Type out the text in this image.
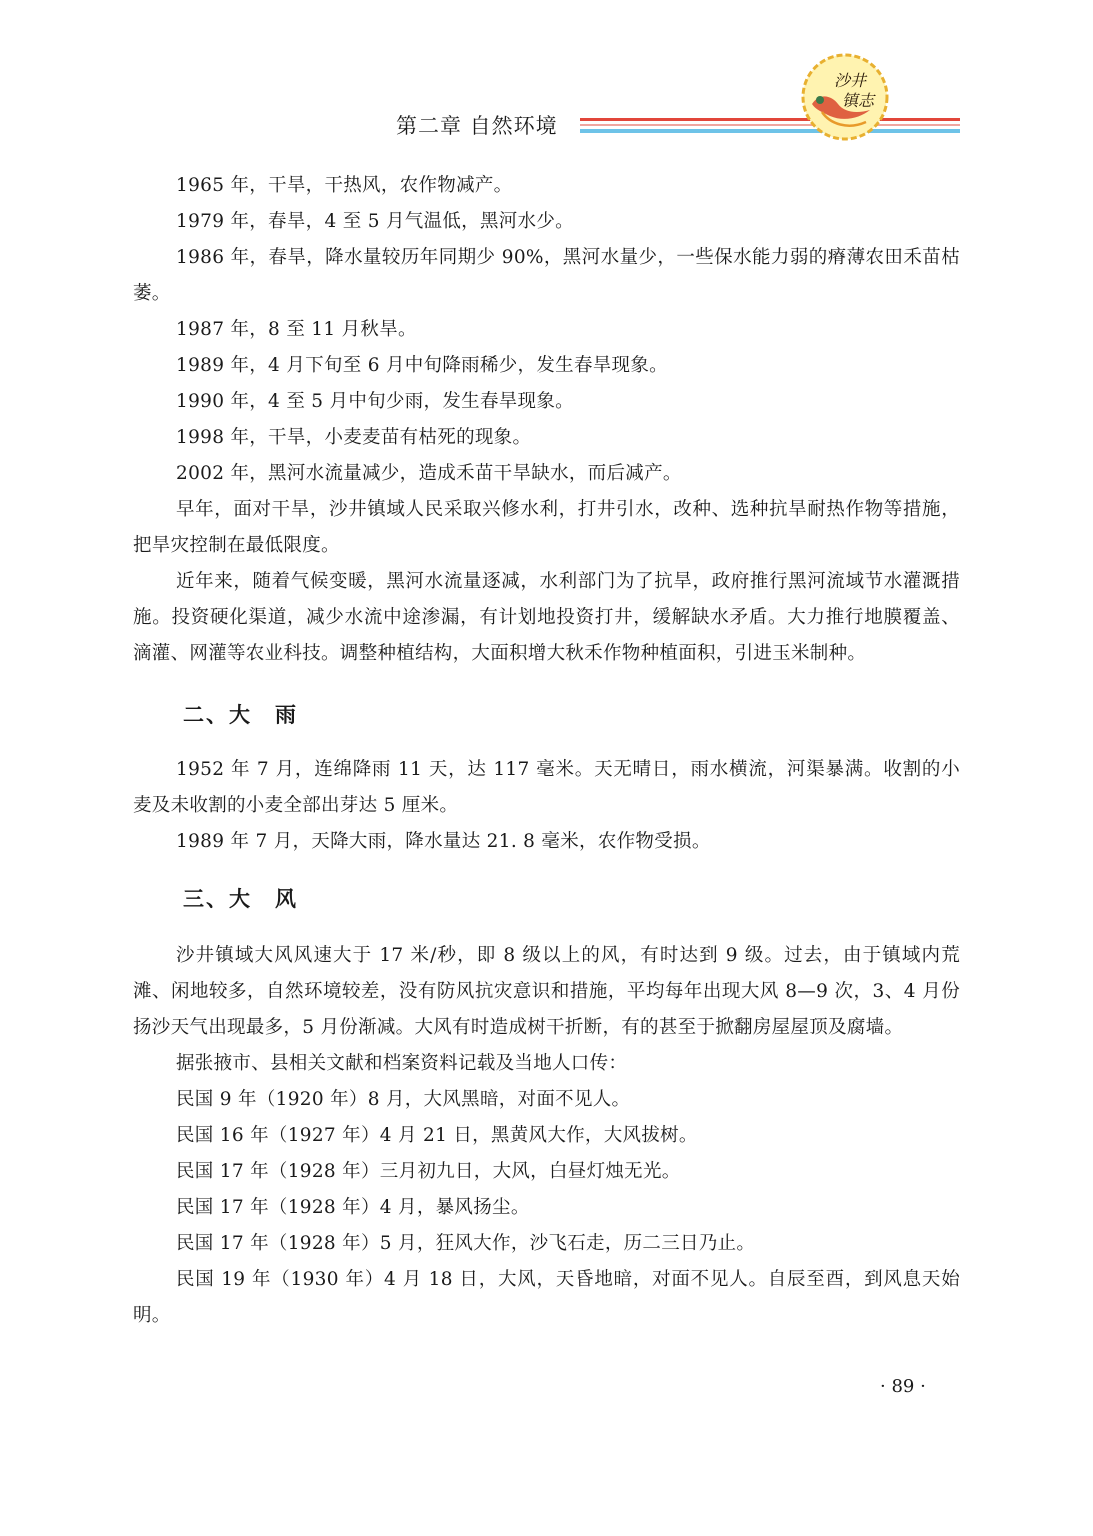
第二章 自然环境
沙井
镇志

1965 年，干旱，干热风，农作物减产。

1979 年，春旱，4 至 5 月气温低，黑河水少。

1986 年，春旱，降水量较历年同期少 90%，黑河水量少，一些保水能力弱的瘠薄农田禾苗枯萎。

1987 年，8 至 11 月秋旱。

1989 年，4 月下旬至 6 月中旬降雨稀少，发生春旱现象。

1990 年，4 至 5 月中旬少雨，发生春旱现象。

1998 年，干旱，小麦麦苗有枯死的现象。

2002 年，黑河水流量减少，造成禾苗干旱缺水，而后减产。

早年，面对干旱，沙井镇域人民采取兴修水利，打井引水，改种、选种抗旱耐热作物等措施，把旱灾控制在最低限度。

近年来，随着气候变暖，黑河水流量逐减，水利部门为了抗旱，政府推行黑河流域节水灌溉措施。投资硬化渠道，减少水流中途渗漏，有计划地投资打井，缓解缺水矛盾。大力推行地膜覆盖、滴灌、网灌等农业科技。调整种植结构，大面积增大秋禾作物种植面积，引进玉米制种。

二、大　雨

1952 年 7 月，连绵降雨 11 天，达 117 毫米。天无晴日，雨水横流，河渠暴满。收割的小麦及未收割的小麦全部出芽达 5 厘米。

1989 年 7 月，天降大雨，降水量达 21. 8 毫米，农作物受损。

三、大　风

沙井镇域大风风速大于 17 米/秒，即 8 级以上的风，有时达到 9 级。过去，由于镇域内荒滩、闲地较多，自然环境较差，没有防风抗灾意识和措施，平均每年出现大风 8—9 次，3、4 月份扬沙天气出现最多，5 月份渐减。大风有时造成树干折断，有的甚至于掀翻房屋屋顶及腐墙。

据张掖市、县相关文献和档案资料记载及当地人口传：

民国 9 年（1920 年）8 月，大风黑暗，对面不见人。

民国 16 年（1927 年）4 月 21 日，黑黄风大作，大风拔树。

民国 17 年（1928 年）三月初九日，大风，白昼灯烛无光。

民国 17 年（1928 年）4 月，暴风扬尘。

民国 17 年（1928 年）5 月，狂风大作，沙飞石走，历二三日乃止。

民国 19 年（1930 年）4 月 18 日，大风，天昏地暗，对面不见人。自辰至酉，到风息天始明。

· 89 ·
